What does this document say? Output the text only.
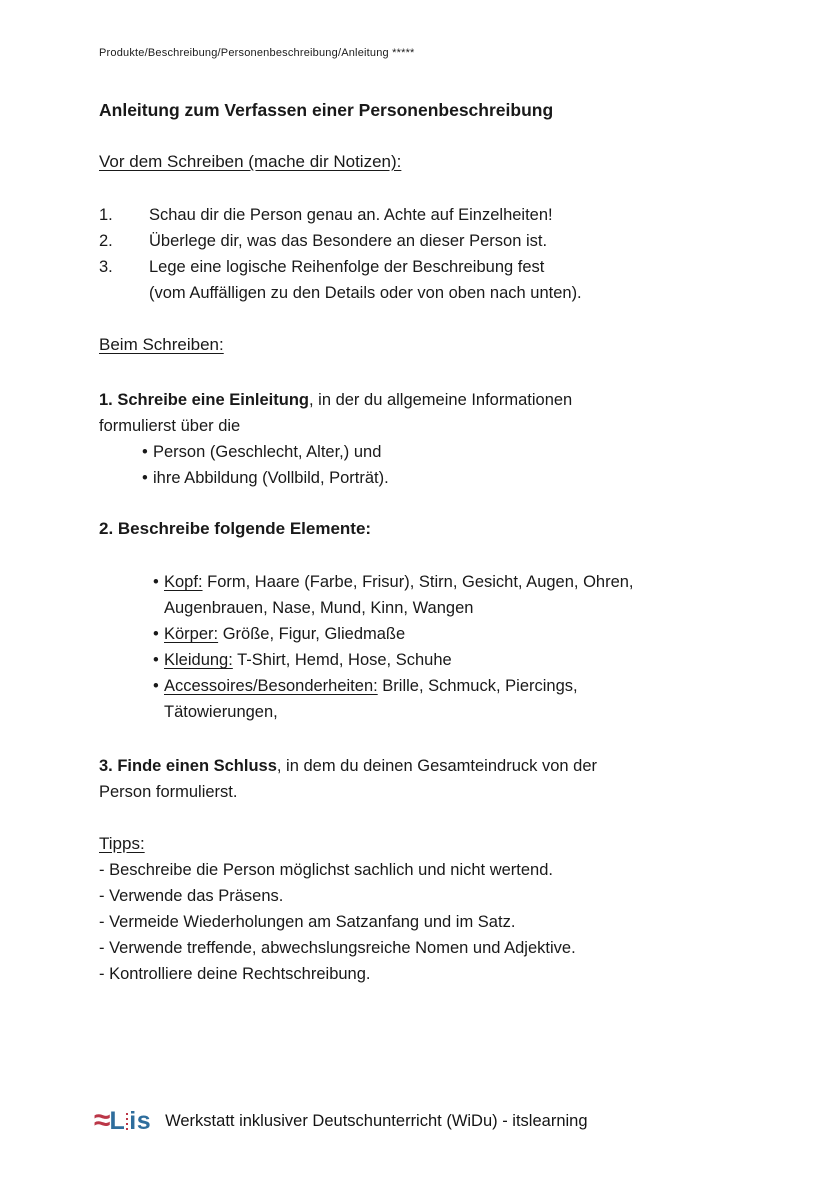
Produkte/Beschreibung/Personenbeschreibung/Anleitung *****
Anleitung zum Verfassen einer Personenbeschreibung
Vor dem Schreiben (mache dir Notizen):
1.	Schau dir die Person genau an. Achte auf Einzelheiten!
2.	Überlege dir, was das Besondere an dieser Person ist.
3.	Lege eine logische Reihenfolge der Beschreibung fest
(vom Auffälligen zu den Details oder von oben nach unten).
Beim Schreiben:
1. Schreibe eine Einleitung, in der du allgemeine Informationen
formulierst über die
• Person (Geschlecht, Alter,) und
• ihre Abbildung (Vollbild, Porträt).
2. Beschreibe folgende Elemente:
• Kopf: Form, Haare (Farbe, Frisur), Stirn, Gesicht, Augen, Ohren,
Augenbrauen, Nase, Mund, Kinn, Wangen
• Körper: Größe, Figur, Gliedmaße
• Kleidung: T-Shirt, Hemd, Hose, Schuhe
• Accessoires/Besonderheiten: Brille, Schmuck, Piercings,
Tätowierungen,
3. Finde einen Schluss, in dem du deinen Gesamteindruck von der
Person formulierst.
Tipps:
- Beschreibe die Person möglichst sachlich und nicht wertend.
- Verwende das Präsens.
- Vermeide Wiederholungen am Satzanfang und im Satz.
- Verwende treffende, abwechslungsreiche Nomen und Adjektive.
- Kontrolliere deine Rechtschreibung.
≈ L is Werkstatt inklusiver Deutschunterricht (WiDu) - itslearning
